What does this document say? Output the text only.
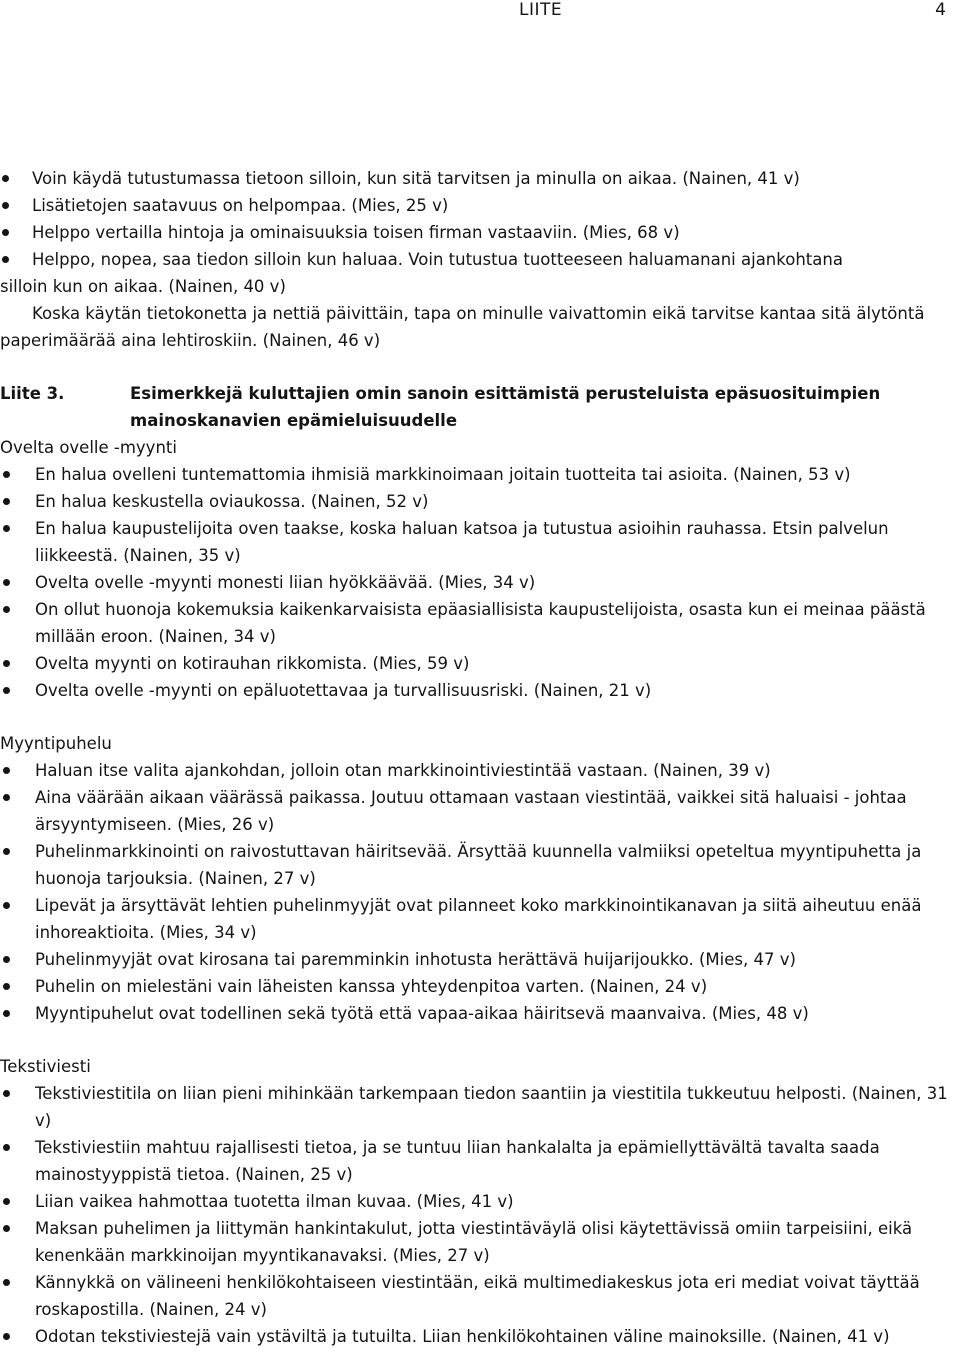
LIITE	4
Voin käydä tutustumassa tietoon silloin, kun sitä tarvitsen ja minulla on aikaa. (Nainen, 41 v)
Lisätietojen saatavuus on helpompaa. (Mies, 25 v)
Helppo vertailla hintoja ja ominaisuuksia toisen firman vastaaviin. (Mies, 68 v)
Helppo, nopea, saa tiedon silloin kun haluaa. Voin tutustua tuotteeseen haluamanani ajankohtana
silloin kun on aikaa. (Nainen, 40 v)
Koska käytän tietokonetta ja nettiä päivittäin, tapa on minulle vaivattomin eikä tarvitse kantaa sitä älytöntä paperimäärää aina lehtiroskiin. (Nainen, 46 v)
Liite 3.	Esimerkkejä kuluttajien omin sanoin esittämistä perusteluista epäsuosituimpien mainoskanavien epämieluisuudelle
Ovelta ovelle -myynti
En halua ovelleni tuntemattomia ihmisiä markkinoimaan joitain tuotteita tai asioita. (Nainen, 53 v)
En halua keskustella oviaukossa. (Nainen, 52 v)
En halua kaupustelijoita oven taakse, koska haluan katsoa ja tutustua asioihin rauhassa. Etsin palvelun liikkeestä. (Nainen, 35 v)
Ovelta ovelle -myynti monesti liian hyökkäävää. (Mies, 34 v)
On ollut huonoja kokemuksia kaikenkarvaisista epäasiallisista kaupustelijoista, osasta kun ei meinaa päästä millään eroon. (Nainen, 34 v)
Ovelta myynti on kotirauhan rikkomista. (Mies, 59 v)
Ovelta ovelle -myynti on epäluotettavaa ja turvallisuusriski. (Nainen, 21 v)
Myyntipuhelu
Haluan itse valita ajankohdan, jolloin otan markkinointiviestintää vastaan. (Nainen, 39 v)
Aina väärään aikaan väärässä paikassa. Joutuu ottamaan vastaan viestintää, vaikkei sitä haluaisi - johtaa ärsyyntymiseen. (Mies, 26 v)
Puhelinmarkkinointi on raivostuttavan häiritsevää. Ärsyttää kuunnella valmiiksi opeteltua myyntipuhetta ja huonoja tarjouksia. (Nainen, 27 v)
Lipevät ja ärsyttävät lehtien puhelinmyyjät ovat pilanneet koko markkinointikanavan ja siitä aiheutuu enää inhoreaktioita. (Mies, 34 v)
Puhelinmyyjät ovat kirosana tai paremminkin inhotusta herättävä huijarijoukko. (Mies, 47 v)
Puhelin on mielestäni vain läheisten kanssa yhteydenpitoa varten. (Nainen, 24 v)
Myyntipuhelut ovat todellinen sekä työtä että vapaa-aikaa häiritsevä maanvaiva. (Mies, 48 v)
Tekstiviesti
Tekstiviestitila on liian pieni mihinkään tarkempaan tiedon saantiin ja viestitila tukkeutuu helposti. (Nainen, 31 v)
Tekstiviestiin mahtuu rajallisesti tietoa, ja se tuntuu liian hankalalta ja epämiellyttävältä tavalta saada mainostyyppistä tietoa. (Nainen, 25 v)
Liian vaikea hahmottaa tuotetta ilman kuvaa. (Mies, 41 v)
Maksan puhelimen ja liittymän hankintakulut, jotta viestintäväylä olisi käytettävissä omiin tarpeisiini, eikä kenenkään markkinoijan myyntikanavaksi. (Mies, 27 v)
Kännykkä on välineeni henkilökohtaiseen viestintään, eikä multimediakeskus jota eri mediat voivat täyttää roskapostilla. (Nainen, 24 v)
Odotan tekstiviestejä vain ystäviltä ja tutuilta. Liian henkilökohtainen väline mainoksille. (Nainen, 41 v)
